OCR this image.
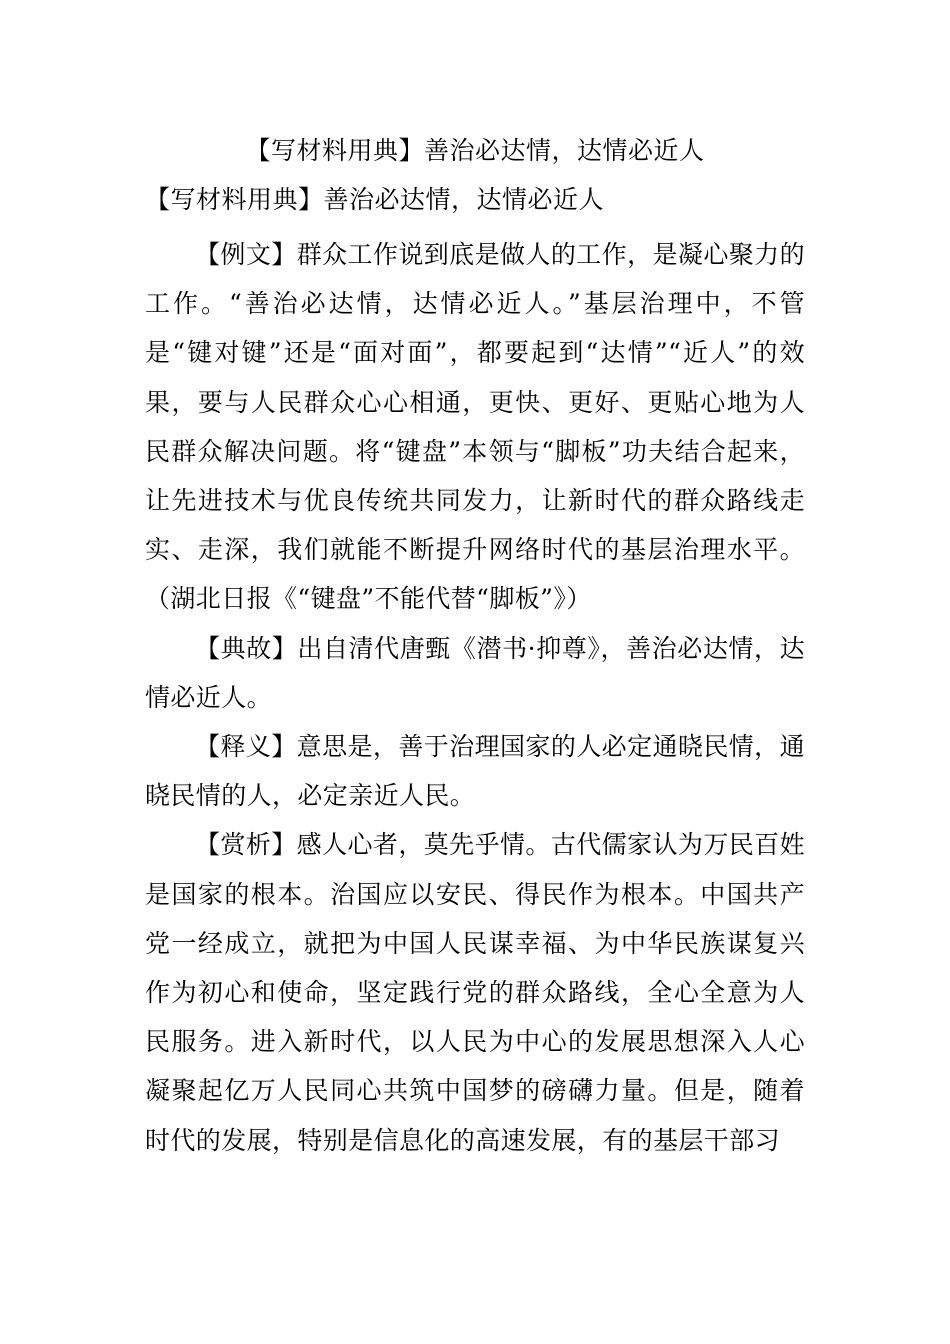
【写材料用典】善治必达情，达情必近人
【写材料用典】善治必达情，达情必近人

【例文】群众工作说到底是做人的工作，是凝心聚力的工作。“善治必达情，达情必近人。”基层治理中，不管是“键对键”还是“面对面”，都要起到“达情”“近人”的效果，要与人民群众心心相通，更快、更好、更贴心地为人民群众解决问题。将“键盘”本领与“脚板”功夫结合起来，让先进技术与优良传统共同发力，让新时代的群众路线走实、走深，我们就能不断提升网络时代的基层治理水平。（湖北日报《“键盘”不能代替“脚板”》）

【典故】出自清代唐甄《潜书·抑尊》，善治必达情，达情必近人。

【释义】意思是，善于治理国家的人必定通晓民情，通晓民情的人，必定亲近人民。

【赏析】感人心者，莫先乎情。古代儒家认为万民百姓是国家的根本。治国应以安民、得民作为根本。中国共产党一经成立，就把为中国人民谋幸福、为中华民族谋复兴作为初心和使命，坚定践行党的群众路线，全心全意为人民服务。进入新时代，以人民为中心的发展思想深入人心凝聚起亿万人民同心共筑中国梦的磅礴力量。但是，随着时代的发展，特别是信息化的高速发展，有的基层干部习
